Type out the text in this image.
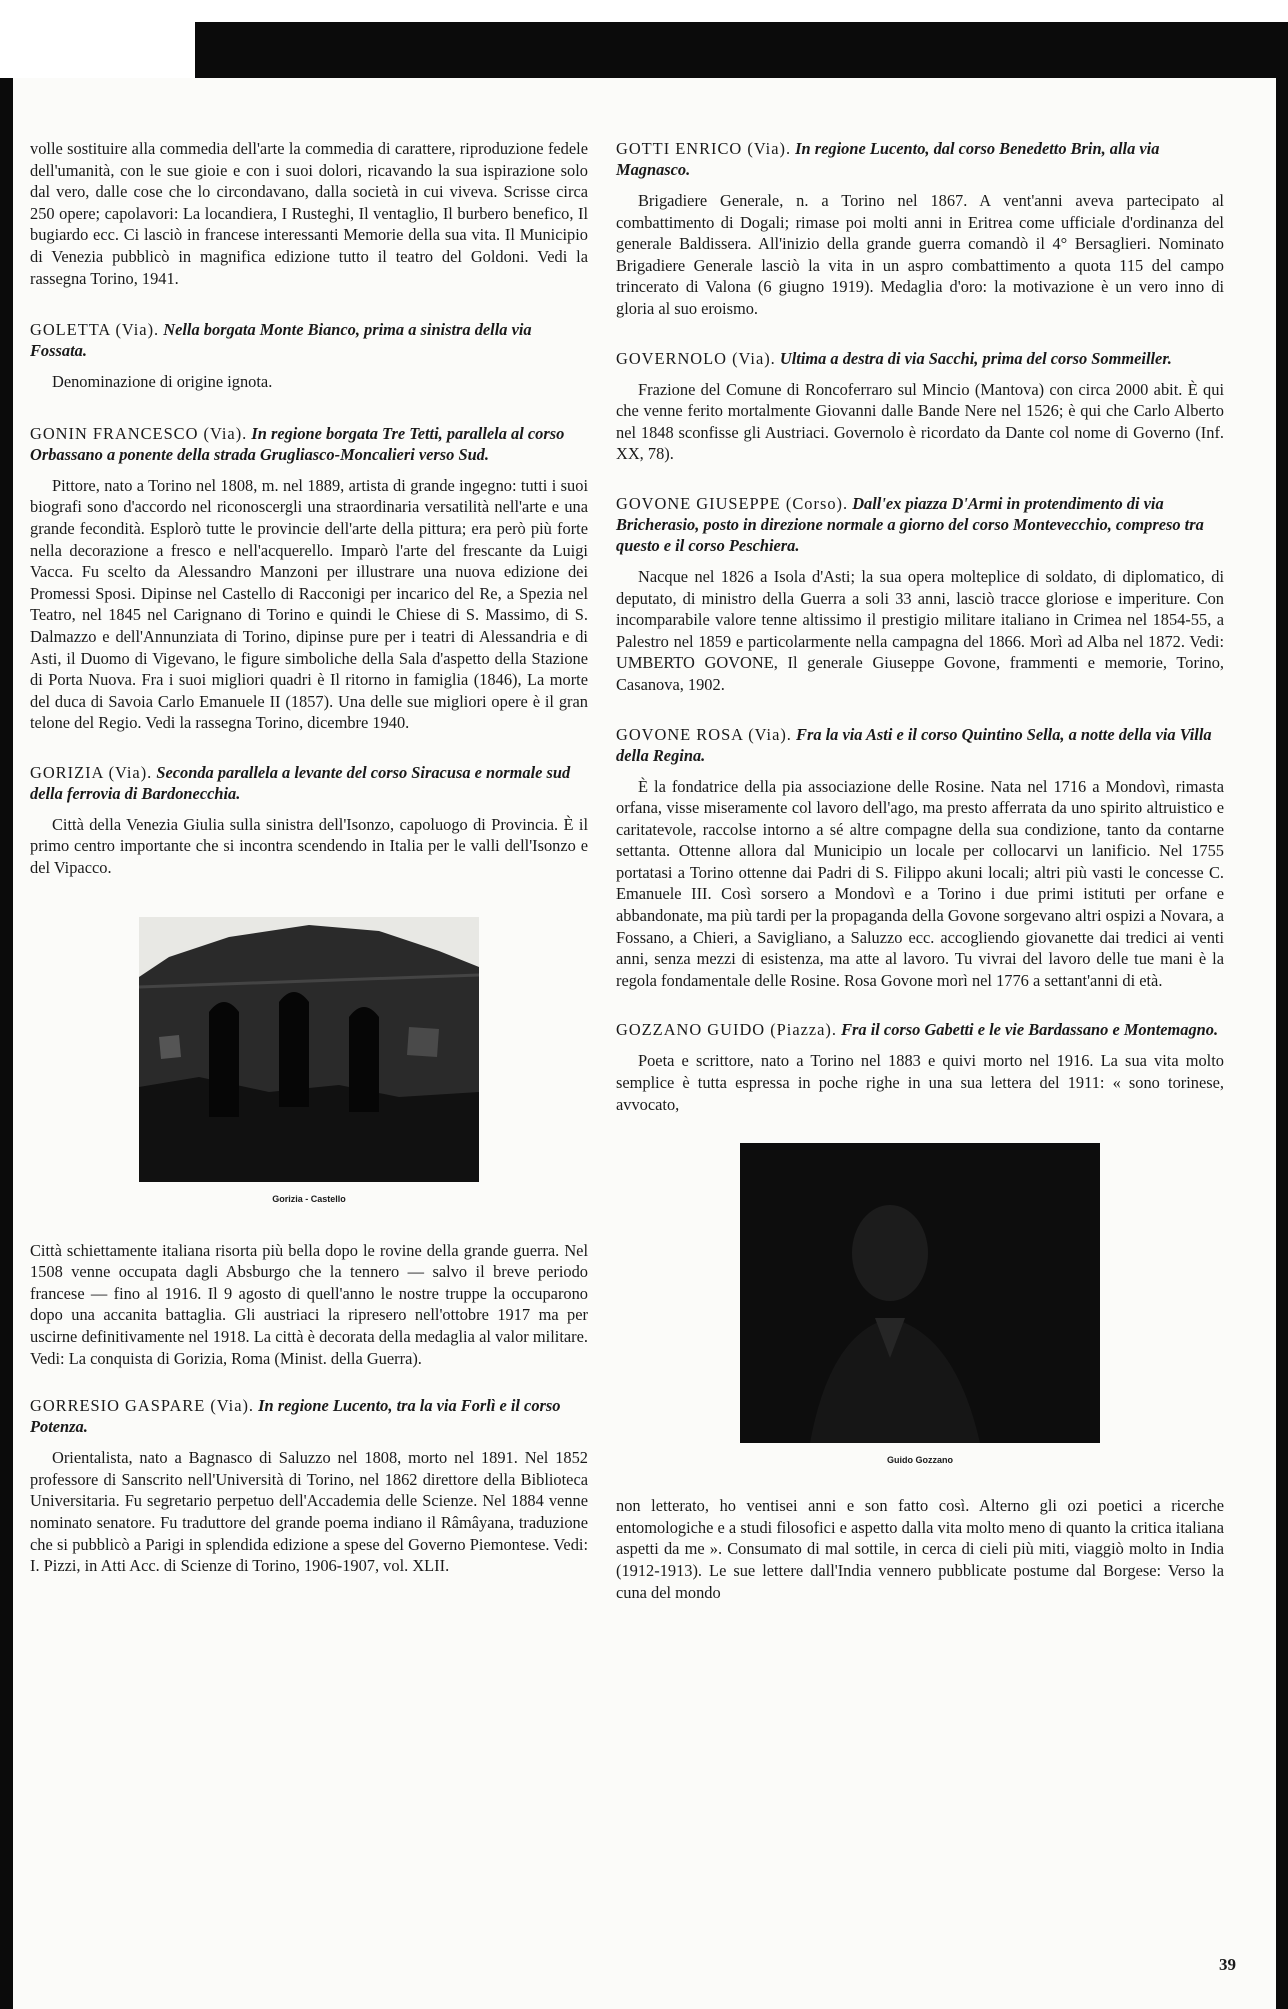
volle sostituire alla commedia dell'arte la commedia di carattere, riproduzione fedele dell'umanità, con le sue gioie e con i suoi dolori, ricavando la sua ispirazione solo dal vero, dalle cose che lo circondavano, dalla società in cui viveva. Scrisse circa 250 opere; capolavori: La locandiera, I Rusteghi, Il ventaglio, Il burbero benefico, Il bugiardo ecc. Ci lasciò in francese interessanti Memorie della sua vita. Il Municipio di Venezia pubblicò in magnifica edizione tutto il teatro del Goldoni. Vedi la rassegna Torino, 1941.

GOLETTA (Via). Nella borgata Monte Bianco, prima a sinistra della via Fossata.

Denominazione di origine ignota.

GONIN FRANCESCO (Via). In regione borgata Tre Tetti, parallela al corso Orbassano a ponente della strada Grugliasco-Moncalieri verso Sud.

Pittore, nato a Torino nel 1808, m. nel 1889, artista di grande ingegno: tutti i suoi biografi sono d'accordo nel riconoscergli una straordinaria versatilità nell'arte e una grande fecondità. Esplorò tutte le provincie dell'arte della pittura; era però più forte nella decorazione a fresco e nell'acquerello. Imparò l'arte del frescante da Luigi Vacca. Fu scelto da Alessandro Manzoni per illustrare una nuova edizione dei Promessi Sposi. Dipinse nel Castello di Racconigi per incarico del Re, a Spezia nel Teatro, nel 1845 nel Carignano di Torino e quindi le Chiese di S. Massimo, di S. Dalmazzo e dell'Annunziata di Torino, dipinse pure per i teatri di Alessandria e di Asti, il Duomo di Vigevano, le figure simboliche della Sala d'aspetto della Stazione di Porta Nuova. Fra i suoi migliori quadri è Il ritorno in famiglia (1846), La morte del duca di Savoia Carlo Emanuele II (1857). Una delle sue migliori opere è il gran telone del Regio. Vedi la rassegna Torino, dicembre 1940.

GORIZIA (Via). Seconda parallela a levante del corso Siracusa e normale sud della ferrovia di Bardonecchia.

Città della Venezia Giulia sulla sinistra dell'Isonzo, capoluogo di Provincia. È il primo centro importante che si incontra scendendo in Italia per le valli dell'Isonzo e del Vipacco.

Gorizia - Castello

Città schiettamente italiana risorta più bella dopo le rovine della grande guerra. Nel 1508 venne occupata dagli Absburgo che la tennero — salvo il breve periodo francese — fino al 1916. Il 9 agosto di quell'anno le nostre truppe la occuparono dopo una accanita battaglia. Gli austriaci la ripresero nell'ottobre 1917 ma per uscirne definitivamente nel 1918. La città è decorata della medaglia al valor militare. Vedi: La conquista di Gorizia, Roma (Minist. della Guerra).

GORRESIO GASPARE (Via). In regione Lucento, tra la via Forlì e il corso Potenza.

Orientalista, nato a Bagnasco di Saluzzo nel 1808, morto nel 1891. Nel 1852 professore di Sanscrito nell'Università di Torino, nel 1862 direttore della Biblioteca Universitaria. Fu segretario perpetuo dell'Accademia delle Scienze. Nel 1884 venne nominato senatore. Fu traduttore del grande poema indiano il Râmâyana, traduzione che si pubblicò a Parigi in splendida edizione a spese del Governo Piemontese. Vedi: I. Pizzi, in Atti Acc. di Scienze di Torino, 1906-1907, vol. XLII.

GOTTI ENRICO (Via). In regione Lucento, dal corso Benedetto Brin, alla via Magnasco.

Brigadiere Generale, n. a Torino nel 1867. A vent'anni aveva partecipato al combattimento di Dogali; rimase poi molti anni in Eritrea come ufficiale d'ordinanza del generale Baldissera. All'inizio della grande guerra comandò il 4° Bersaglieri. Nominato Brigadiere Generale lasciò la vita in un aspro combattimento a quota 115 del campo trincerato di Valona (6 giugno 1919). Medaglia d'oro: la motivazione è un vero inno di gloria al suo eroismo.

GOVERNOLO (Via). Ultima a destra di via Sacchi, prima del corso Sommeiller.

Frazione del Comune di Roncoferraro sul Mincio (Mantova) con circa 2000 abit. È qui che venne ferito mortalmente Giovanni dalle Bande Nere nel 1526; è qui che Carlo Alberto nel 1848 sconfisse gli Austriaci. Governolo è ricordato da Dante col nome di Governo (Inf. XX, 78).

GOVONE GIUSEPPE (Corso). Dall'ex piazza D'Armi in protendimento di via Bricherasio, posto in direzione normale a giorno del corso Montevecchio, compreso tra questo e il corso Peschiera.

Nacque nel 1826 a Isola d'Asti; la sua opera molteplice di soldato, di diplomatico, di deputato, di ministro della Guerra a soli 33 anni, lasciò tracce gloriose e imperiture. Con incomparabile valore tenne altissimo il prestigio militare italiano in Crimea nel 1854-55, a Palestro nel 1859 e particolarmente nella campagna del 1866. Morì ad Alba nel 1872. Vedi: UMBERTO GOVONE, Il generale Giuseppe Govone, frammenti e memorie, Torino, Casanova, 1902.

GOVONE ROSA (Via). Fra la via Asti e il corso Quintino Sella, a notte della via Villa della Regina.

È la fondatrice della pia associazione delle Rosine. Nata nel 1716 a Mondovì, rimasta orfana, visse miseramente col lavoro dell'ago, ma presto afferrata da uno spirito altruistico e caritatevole, raccolse intorno a sé altre compagne della sua condizione, tanto da contarne settanta. Ottenne allora dal Municipio un locale per collocarvi un lanificio. Nel 1755 portatasi a Torino ottenne dai Padri di S. Filippo akuni locali; altri più vasti le concesse C. Emanuele III. Così sorsero a Mondovì e a Torino i due primi istituti per orfane e abbandonate, ma più tardi per la propaganda della Govone sorgevano altri ospizi a Novara, a Fossano, a Chieri, a Savigliano, a Saluzzo ecc. accogliendo giovanette dai tredici ai venti anni, senza mezzi di esistenza, ma atte al lavoro. Tu vivrai del lavoro delle tue mani è la regola fondamentale delle Rosine. Rosa Govone morì nel 1776 a settant'anni di età.

GOZZANO GUIDO (Piazza). Fra il corso Gabetti e le vie Bardassano e Montemagno.

Poeta e scrittore, nato a Torino nel 1883 e quivi morto nel 1916. La sua vita molto semplice è tutta espressa in poche righe in una sua lettera del 1911: « sono torinese, avvocato,

Guido Gozzano

non letterato, ho ventisei anni e son fatto così. Alterno gli ozi poetici a ricerche entomologiche e a studi filosofici e aspetto dalla vita molto meno di quanto la critica italiana aspetti da me ». Consumato di mal sottile, in cerca di cieli più miti, viaggiò molto in India (1912-1913). Le sue lettere dall'India vennero pubblicate postume dal Borgese: Verso la cuna del mondo

39
